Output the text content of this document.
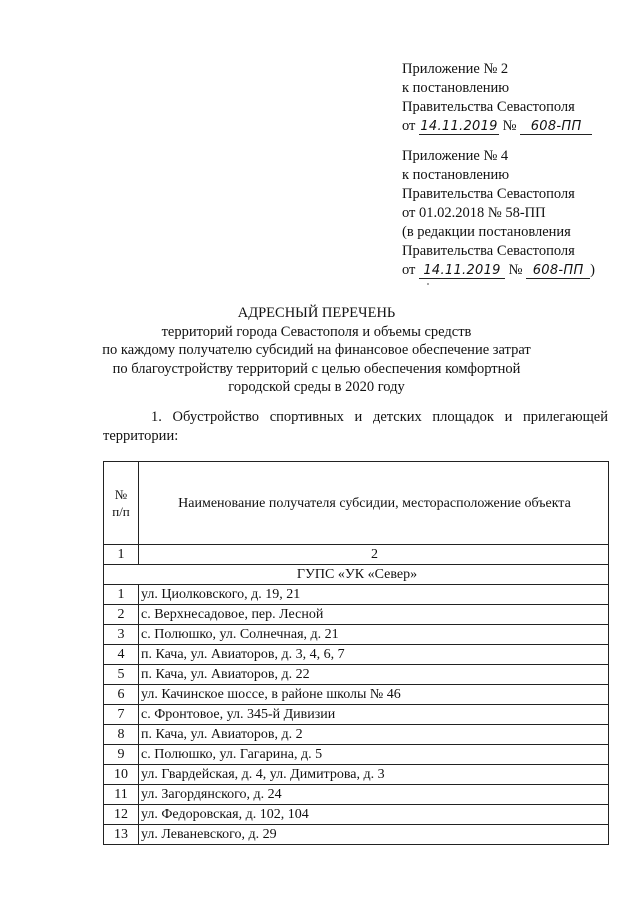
Приложение № 2
к постановлению
Правительства Севастополя
от 14.11.2019 № 608-ПП
Приложение № 4
к постановлению
Правительства Севастополя
от 01.02.2018 № 58-ПП
(в редакции постановления
Правительства Севастополя
от 14.11.2019 № 608-ПП )
АДРЕСНЫЙ ПЕРЕЧЕНЬ
территорий города Севастополя и объемы средств
по каждому получателю субсидий на финансовое обеспечение затрат
по благоустройству территорий с целью обеспечения комфортной
городской среды в 2020 году
1. Обустройство спортивных и детских площадок и прилегающей
территории:
№
п/п	Наименование получателя субсидии, месторасположение объекта
1	2
ГУПС «УК «Север»	
1	ул. Циолковского, д. 19, 21
2	с. Верхнесадовое, пер. Лесной
3	с. Полюшко, ул. Солнечная, д. 21
4	п. Кача, ул. Авиаторов, д. 3, 4, 6, 7
5	п. Кача, ул. Авиаторов, д. 22
6	ул. Качинское шоссе, в районе школы № 46
7	с. Фронтовое, ул. 345-й Дивизии
8	п. Кача, ул. Авиаторов, д. 2
9	с. Полюшко, ул. Гагарина, д. 5
10	ул. Гвардейская, д. 4, ул. Димитрова, д. 3
11	ул. Загордянского, д. 24
12	ул. Федоровская, д. 102, 104
13	ул. Леваневского, д. 29
